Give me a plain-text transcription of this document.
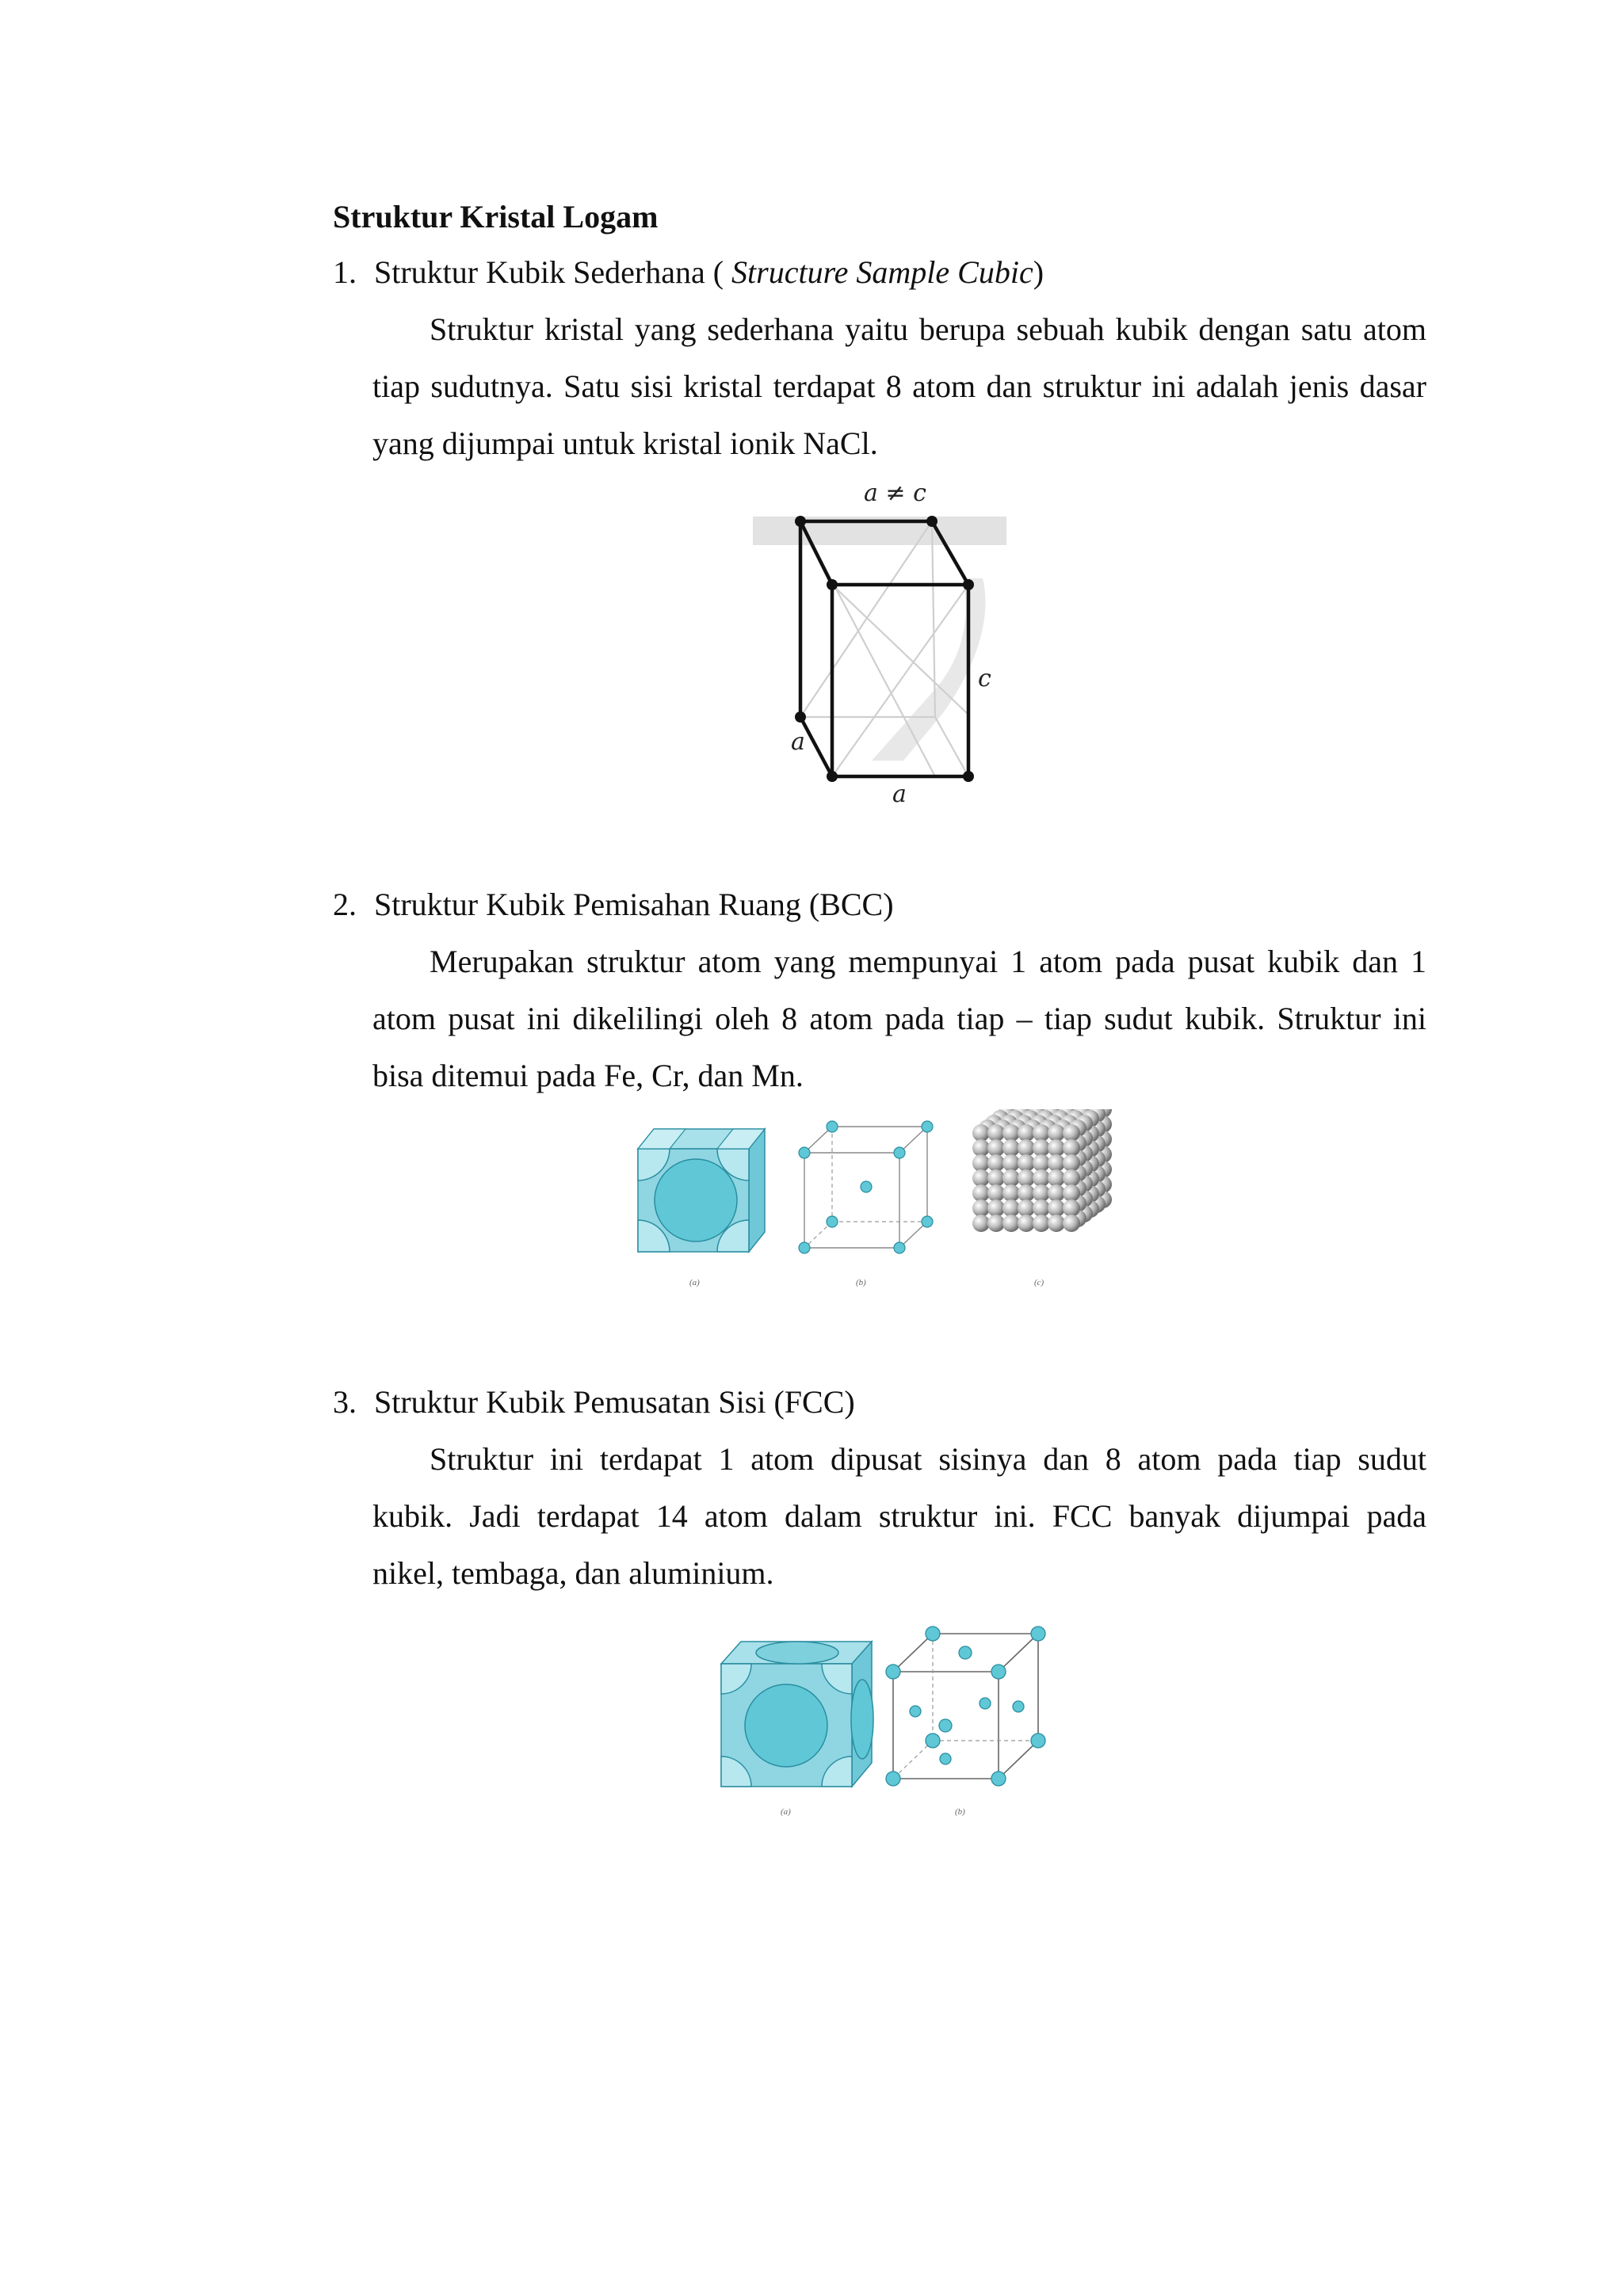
Struktur Kristal Logam
1. Struktur Kubik Sederhana ( Structure Sample Cubic)
Struktur kristal yang sederhana yaitu berupa sebuah kubik dengan satu atom
tiap sudutnya. Satu sisi kristal terdapat 8 atom dan struktur ini adalah jenis dasar
yang dijumpai untuk kristal ionik NaCl.
a ≠ c
c
a
a
2. Struktur Kubik Pemisahan Ruang (BCC)
Merupakan struktur atom yang mempunyai 1 atom pada pusat kubik dan 1
atom pusat ini dikelilingi oleh 8 atom pada tiap – tiap sudut kubik. Struktur ini
bisa ditemui pada Fe, Cr, dan Mn.
(a)	(b)	(c)
3. Struktur Kubik Pemusatan Sisi (FCC)
Struktur ini terdapat 1 atom dipusat sisinya dan 8 atom pada tiap sudut
kubik. Jadi terdapat 14 atom dalam struktur ini. FCC banyak dijumpai pada
nikel, tembaga, dan aluminium.
(a)	(b)
